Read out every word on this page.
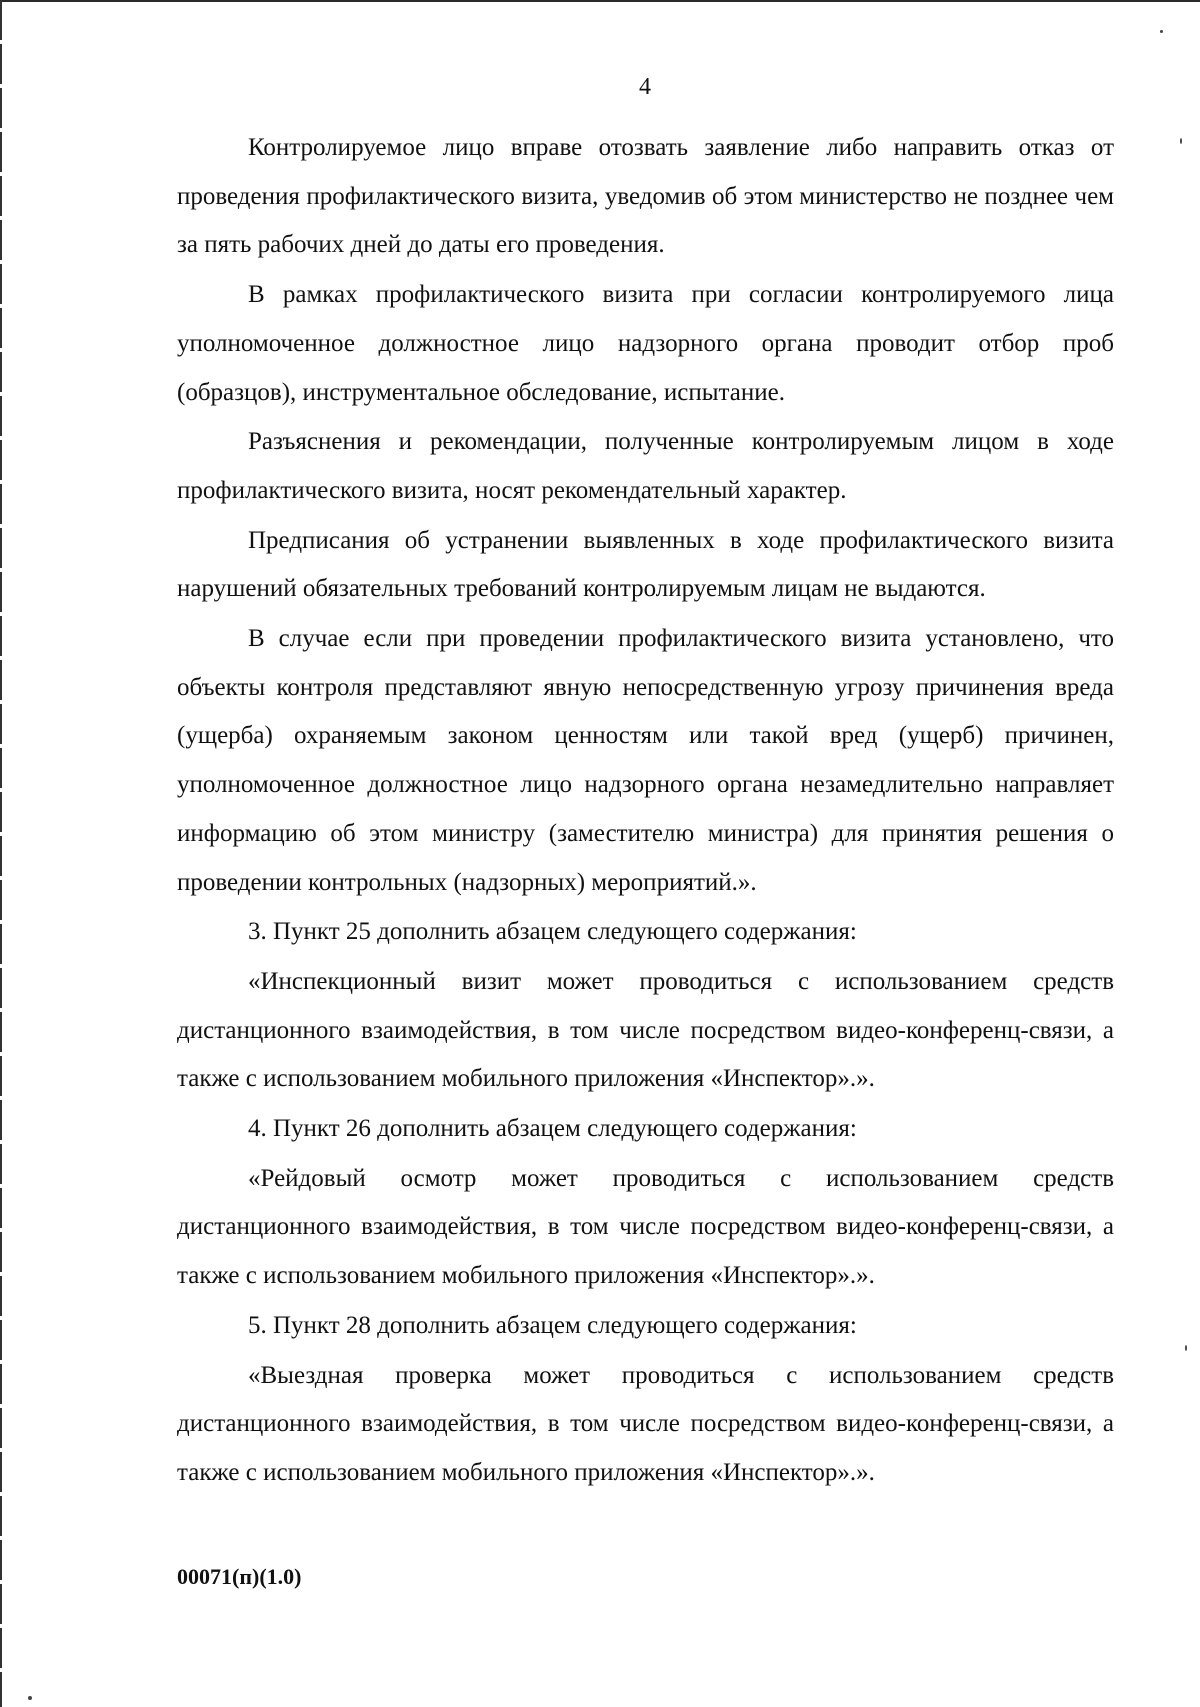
4

Контролируемое лицо вправе отозвать заявление либо направить отказ от проведения профилактического визита, уведомив об этом министерство не позднее чем за пять рабочих дней до даты его проведения.

В рамках профилактического визита при согласии контролируемого лица уполномоченное должностное лицо надзорного органа проводит отбор проб (образцов), инструментальное обследование, испытание.

Разъяснения и рекомендации, полученные контролируемым лицом в ходе профилактического визита, носят рекомендательный характер.

Предписания об устранении выявленных в ходе профилактического визита нарушений обязательных требований контролируемым лицам не выдаются.

В случае если при проведении профилактического визита установлено, что объекты контроля представляют явную непосредственную угрозу причинения вреда (ущерба) охраняемым законом ценностям или такой вред (ущерб) причинен, уполномоченное должностное лицо надзорного органа незамедлительно направляет информацию об этом министру (заместителю министра) для принятия решения о проведении контрольных (надзорных) мероприятий.».

3. Пункт 25 дополнить абзацем следующего содержания:

«Инспекционный визит может проводиться с использованием средств дистанционного взаимодействия, в том числе посредством видео-конференц-связи, а также с использованием мобильного приложения «Инспектор».».

4. Пункт 26 дополнить абзацем следующего содержания:

«Рейдовый осмотр может проводиться с использованием средств дистанционного взаимодействия, в том числе посредством видео-конференц-связи, а также с использованием мобильного приложения «Инспектор».».

5. Пункт 28 дополнить абзацем следующего содержания:

«Выездная проверка может проводиться с использованием средств дистанционного взаимодействия, в том числе посредством видео-конференц-связи, а также с использованием мобильного приложения «Инспектор».».

00071(п)(1.0)
